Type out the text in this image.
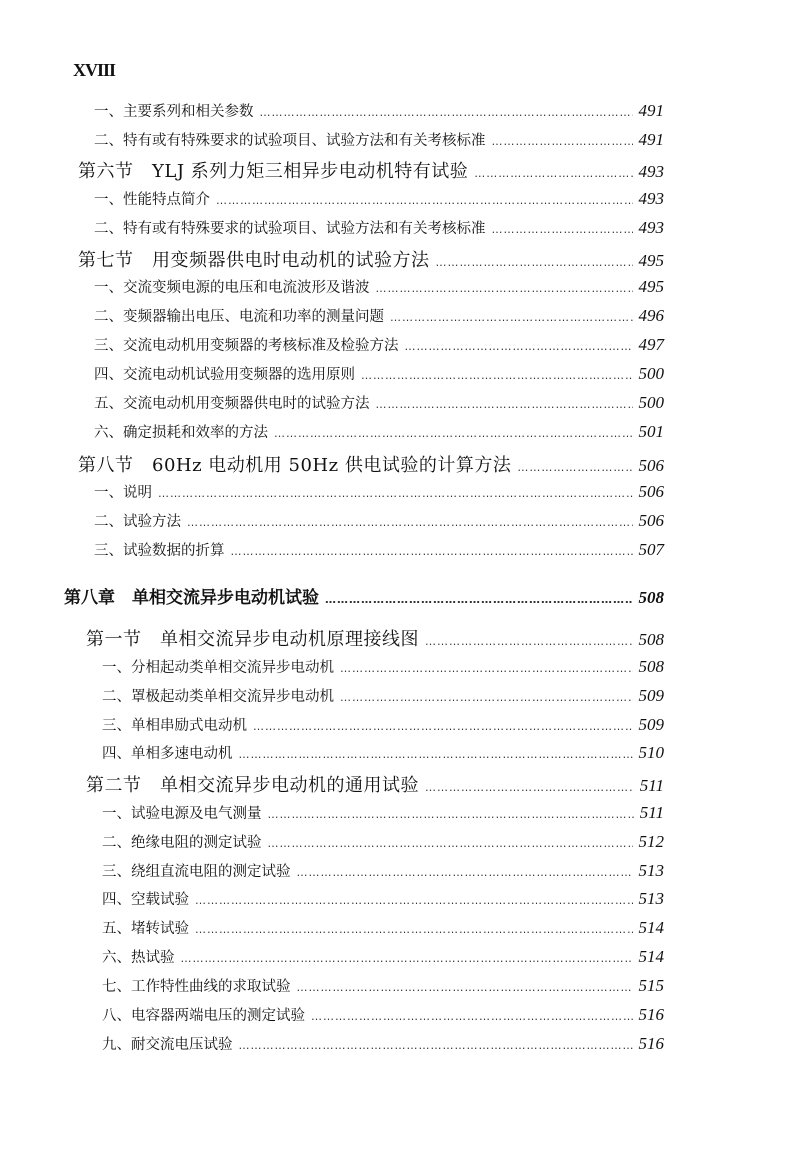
XVIII
一、主要系列和相关参数 ………………………………………………………………………………………………………………………………………………………………………………	491
二、特有或有特殊要求的试验项目、试验方法和有关考核标准 ………………………………………………………………………………………………………………………………………………………………………………	491
第六节　YLJ 系列力矩三相异步电动机特有试验 ………………………………………………………………………………………………………………………………………………………………………………	493
一、性能特点简介 ………………………………………………………………………………………………………………………………………………………………………………	493
二、特有或有特殊要求的试验项目、试验方法和有关考核标准 ………………………………………………………………………………………………………………………………………………………………………………	493
第七节　用变频器供电时电动机的试验方法 ………………………………………………………………………………………………………………………………………………………………………………	495
一、交流变频电源的电压和电流波形及谐波 ………………………………………………………………………………………………………………………………………………………………………………	495
二、变频器输出电压、电流和功率的测量问题 ………………………………………………………………………………………………………………………………………………………………………………	496
三、交流电动机用变频器的考核标准及检验方法 ………………………………………………………………………………………………………………………………………………………………………………	497
四、交流电动机试验用变频器的选用原则 ………………………………………………………………………………………………………………………………………………………………………………	500
五、交流电动机用变频器供电时的试验方法 ………………………………………………………………………………………………………………………………………………………………………………	500
六、确定损耗和效率的方法 ………………………………………………………………………………………………………………………………………………………………………………	501
第八节　60Hz 电动机用 50Hz 供电试验的计算方法 ………………………………………………………………………………………………………………………………………………………………………………	506
一、说明 ………………………………………………………………………………………………………………………………………………………………………………	506
二、试验方法 ………………………………………………………………………………………………………………………………………………………………………………	506
三、试验数据的折算 ………………………………………………………………………………………………………………………………………………………………………………	507
第八章　单相交流异步电动机试验 ………………………………………………………………………………………………………………………………………………………………………………	508
第一节　单相交流异步电动机原理接线图 ………………………………………………………………………………………………………………………………………………………………………………	508
一、分相起动类单相交流异步电动机 ………………………………………………………………………………………………………………………………………………………………………………	508
二、罩极起动类单相交流异步电动机 ………………………………………………………………………………………………………………………………………………………………………………	509
三、单相串励式电动机 ………………………………………………………………………………………………………………………………………………………………………………	509
四、单相多速电动机 ………………………………………………………………………………………………………………………………………………………………………………	510
第二节　单相交流异步电动机的通用试验 ………………………………………………………………………………………………………………………………………………………………………………	511
一、试验电源及电气测量 ………………………………………………………………………………………………………………………………………………………………………………	511
二、绝缘电阻的测定试验 ………………………………………………………………………………………………………………………………………………………………………………	512
三、绕组直流电阻的测定试验 ………………………………………………………………………………………………………………………………………………………………………………	513
四、空载试验 ………………………………………………………………………………………………………………………………………………………………………………	513
五、堵转试验 ………………………………………………………………………………………………………………………………………………………………………………	514
六、热试验 ………………………………………………………………………………………………………………………………………………………………………………	514
七、工作特性曲线的求取试验 ………………………………………………………………………………………………………………………………………………………………………………	515
八、电容器两端电压的测定试验 ………………………………………………………………………………………………………………………………………………………………………………	516
九、耐交流电压试验 ………………………………………………………………………………………………………………………………………………………………………………	516
